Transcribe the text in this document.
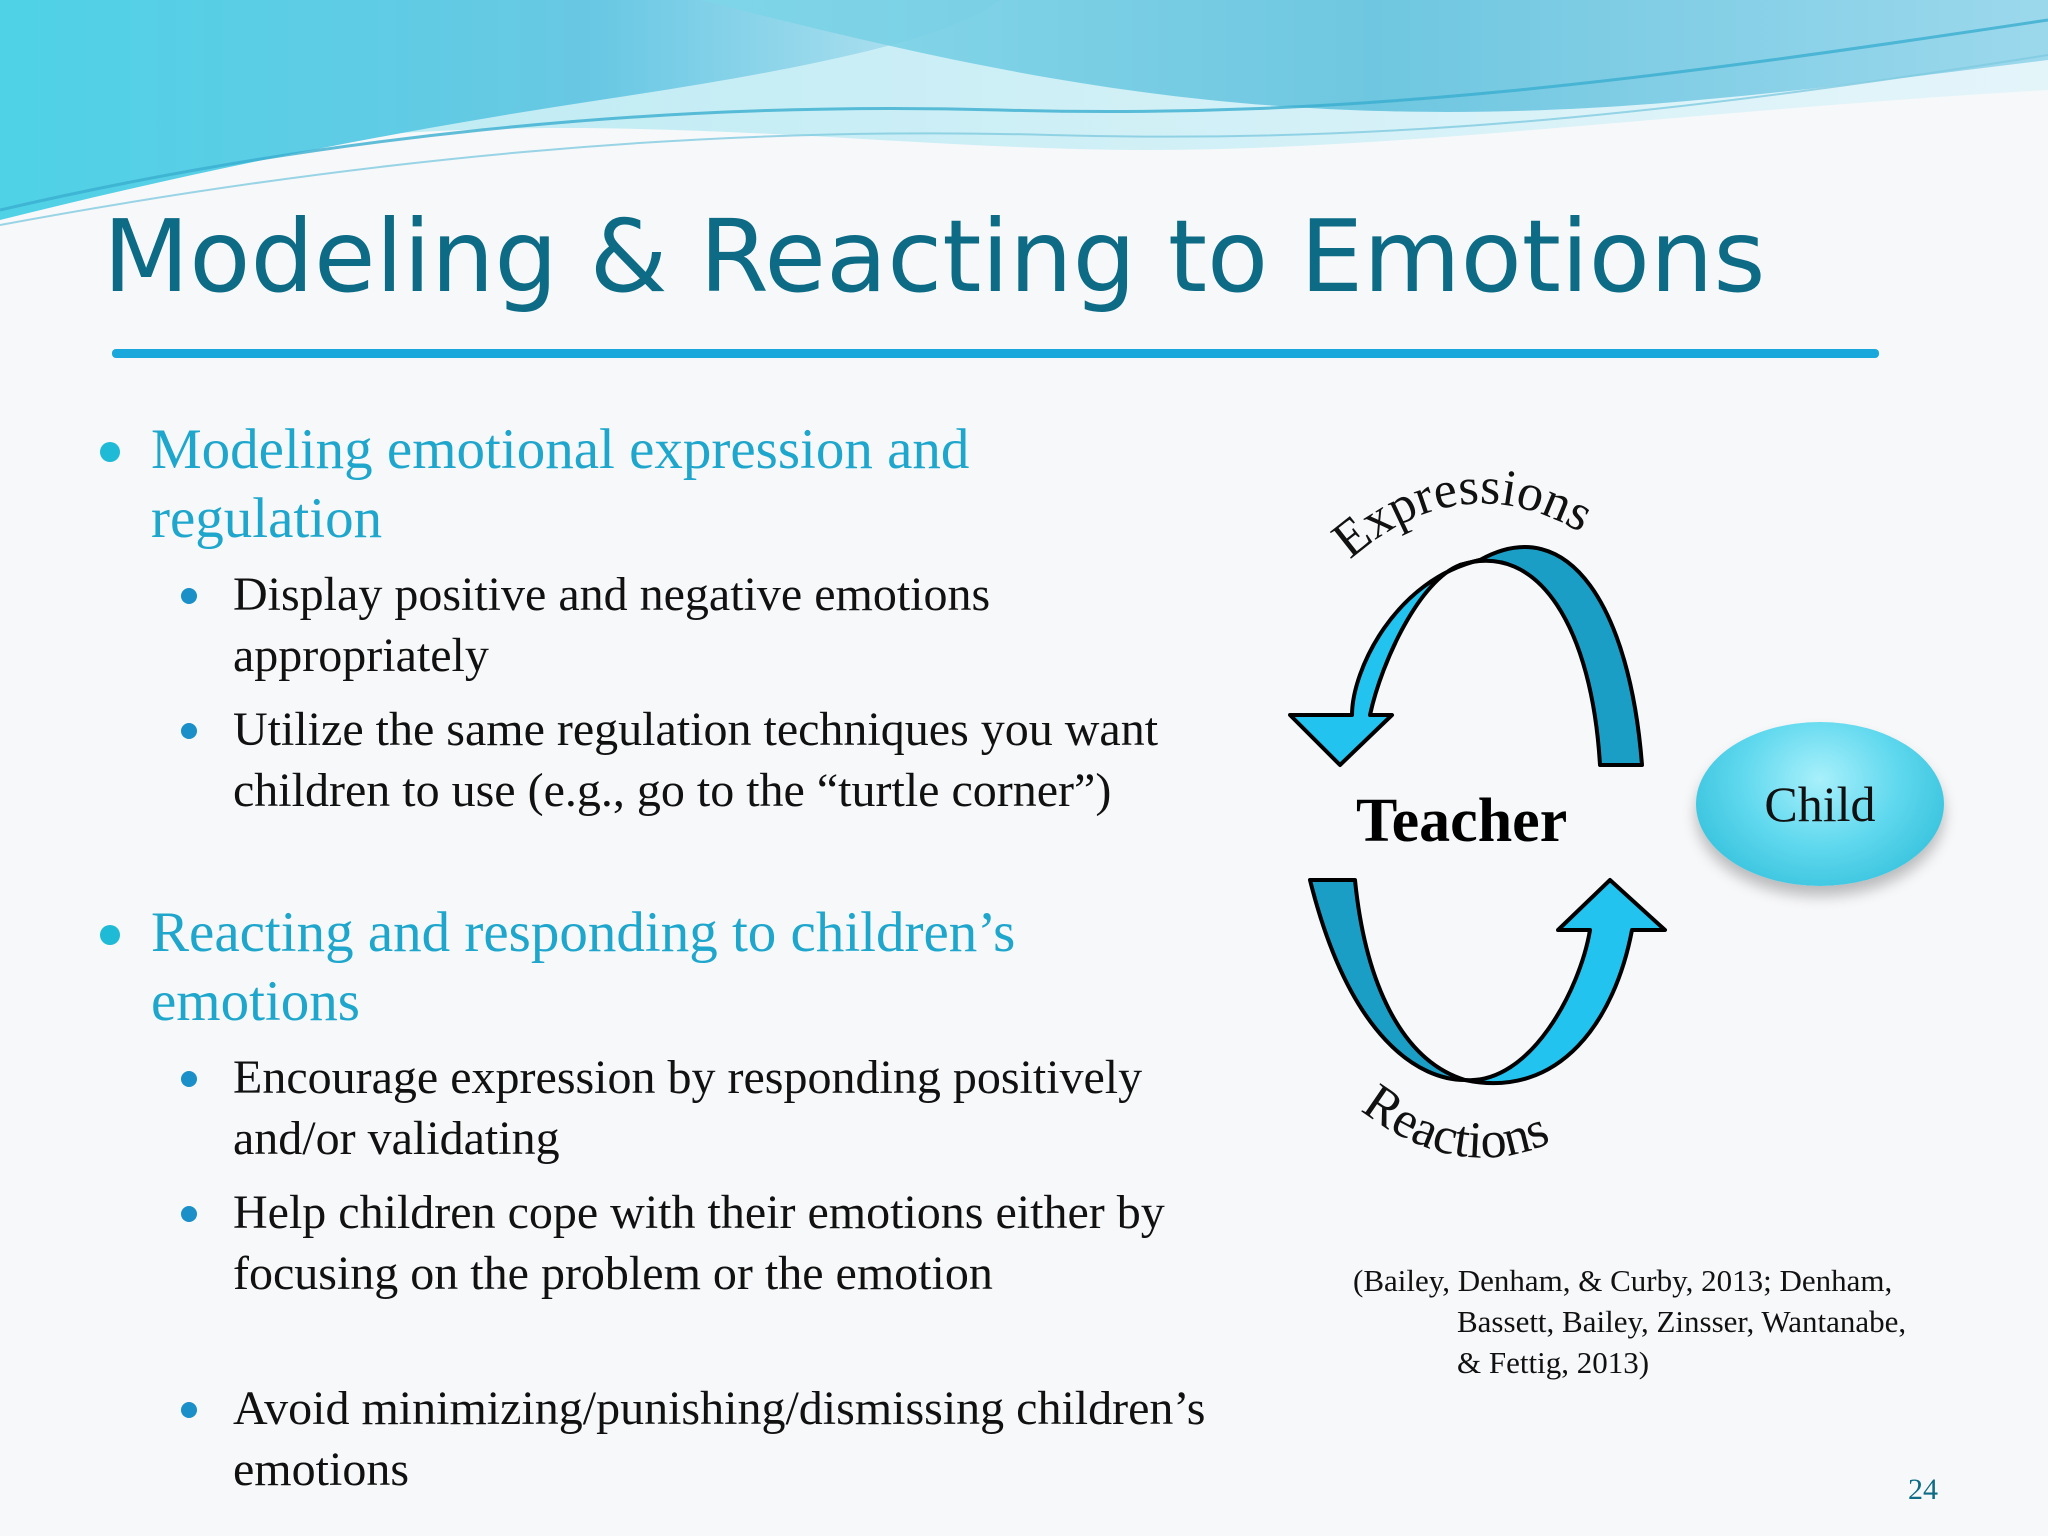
Modeling & Reacting to Emotions
Modeling emotional expression and regulation
Display positive and negative emotions appropriately
Utilize the same regulation techniques you want children to use (e.g., go to the “turtle corner”)
Reacting and responding to children’s emotions
Encourage expression by responding positively and/or validating
Help children cope with their emotions either by focusing on the problem or the emotion
Avoid minimizing/punishing/dismissing children’s emotions
Expressions
Reactions
Teacher	Child
(Bailey, Denham, & Curby, 2013; Denham,
Bassett, Bailey, Zinsser, Wantanabe,
& Fettig, 2013)
24
